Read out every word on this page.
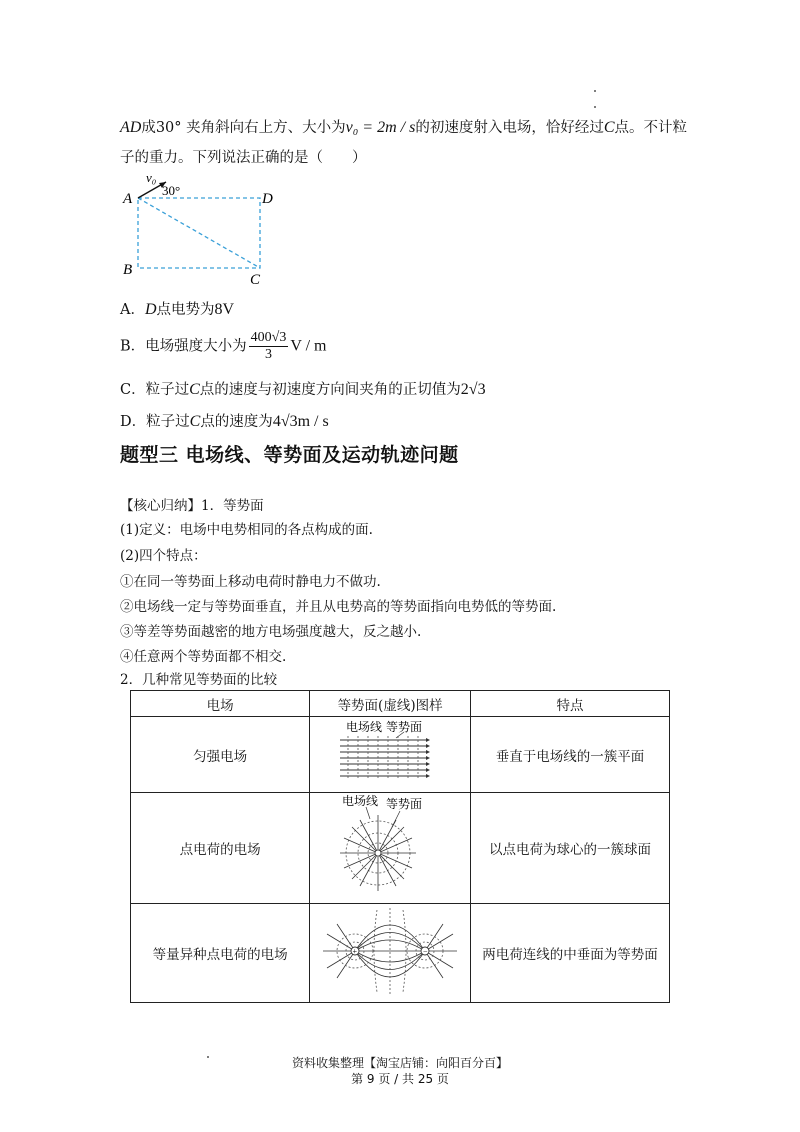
AD成30° 夹角斜向右上方、大小为v₀ = 2m / s的初速度射入电场，恰好经过C点。不计粒
子的重力。下列说法正确的是（　　）
v₀
30°
A	D
B
C
A．D点电势为8V
B．电场强度大小为 $\frac{400√3}{3}$ V / m
C．粒子过C点的速度与初速度方向间夹角的正切值为2√3
D．粒子过C点的速度为4√3m / s
题型三 电场线、等势面及运动轨迹问题
【核心归纳】1．等势面
(1)定义：电场中电势相同的各点构成的面.
(2)四个特点：
①在同一等势面上移动电荷时静电力不做功.
②电场线一定与等势面垂直，并且从电势高的等势面指向电势低的等势面.
③等差等势面越密的地方电场强度越大，反之越小.
④任意两个等势面都不相交.
2．几种常见等势面的比较
电场	等势面(虚线)图样	特点
匀强电场	电场线 等势面	垂直于电场线的一簇平面
点电荷的电场	电场线 等势面	以点电荷为球心的一簇球面
等量异种点电荷的电场	+ −	两电荷连线的中垂面为等势面
资料收集整理【淘宝店铺：向阳百分百】
第 9 页 / 共 25 页
